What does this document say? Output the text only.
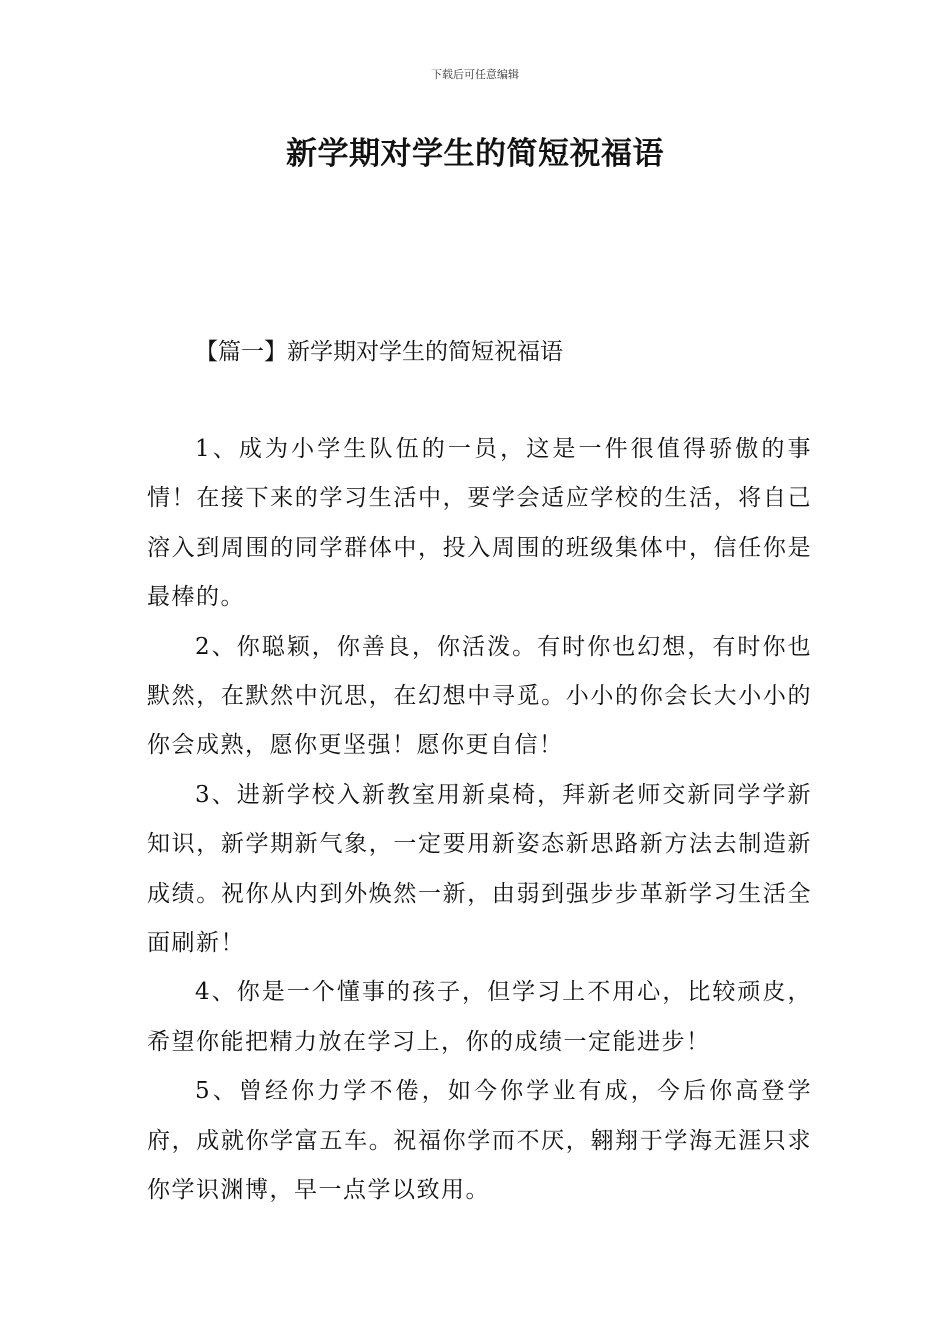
下载后可任意编辑
新学期对学生的简短祝福语
【篇一】新学期对学生的简短祝福语

1、成为小学生队伍的一员，这是一件很值得骄傲的事情！在接下来的学习生活中，要学会适应学校的生活，将自己溶入到周围的同学群体中，投入周围的班级集体中，信任你是最棒的。

2、你聪颖，你善良，你活泼。有时你也幻想，有时你也默然，在默然中沉思，在幻想中寻觅。小小的你会长大小小的你会成熟，愿你更坚强！愿你更自信！

3、进新学校入新教室用新桌椅，拜新老师交新同学学新知识，新学期新气象，一定要用新姿态新思路新方法去制造新成绩。祝你从内到外焕然一新，由弱到强步步革新学习生活全面刷新！

4、你是一个懂事的孩子，但学习上不用心，比较顽皮，希望你能把精力放在学习上，你的成绩一定能进步！

5、曾经你力学不倦，如今你学业有成，今后你高登学府，成就你学富五车。祝福你学而不厌，翱翔于学海无涯只求你学识渊博，早一点学以致用。
